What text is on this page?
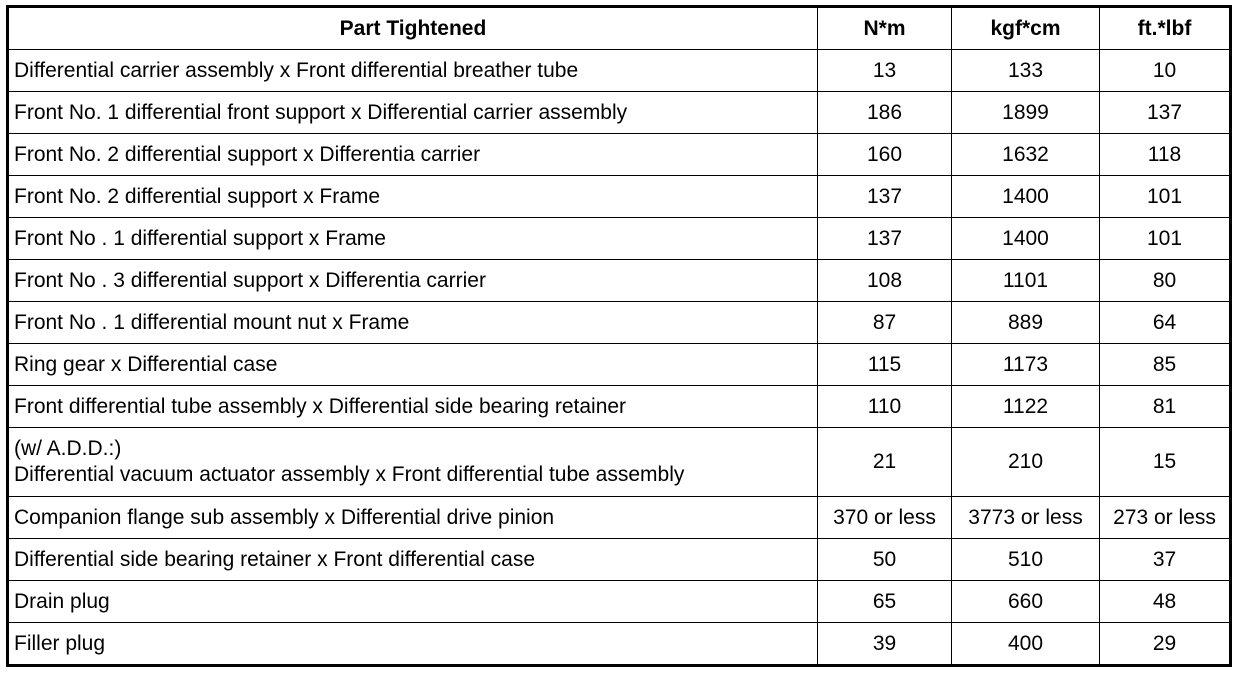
Part Tightened	N*m	kgf*cm	ft.*lbf
Differential carrier assembly x Front differential breather tube	13	133	10
Front No. 1 differential front support x Differential carrier assembly	186	1899	137
Front No. 2 differential support x Differentia carrier	160	1632	118
Front No. 2 differential support x Frame	137	1400	101
Front No . 1 differential support x Frame	137	1400	101
Front No . 3 differential support x Differentia carrier	108	1101	80
Front No . 1 differential mount nut x Frame	87	889	64
Ring gear x Differential case	115	1173	85
Front differential tube assembly x Differential side bearing retainer	110	1122	81

(w/ A.D.D.:)
Differential vacuum actuator assembly x Front differential tube assembly	21	210	15
Companion flange sub assembly x Differential drive pinion	370 or less	3773 or less	273 or less
Differential side bearing retainer x Front differential case	50	510	37
Drain plug	65	660	48
Filler plug	39	400	29
